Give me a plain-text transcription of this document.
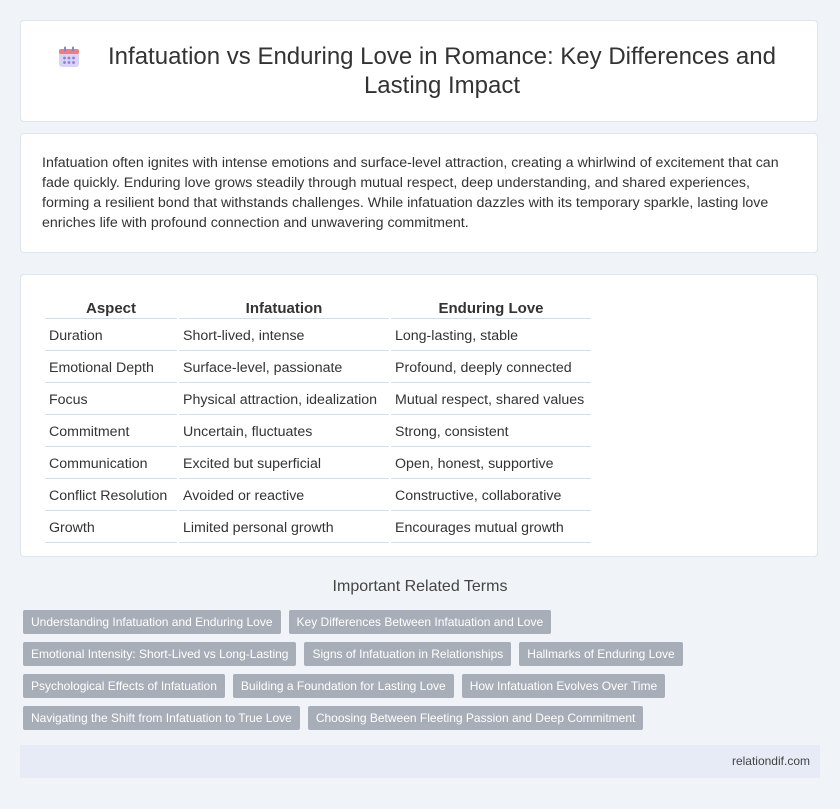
Infatuation vs Enduring Love in Romance: Key Differences and Lasting Impact

Infatuation often ignites with intense emotions and surface-level attraction, creating a whirlwind of excitement that can fade quickly. Enduring love grows steadily through mutual respect, deep understanding, and shared experiences, forming a resilient bond that withstands challenges. While infatuation dazzles with its temporary sparkle, lasting love enriches life with profound connection and unwavering commitment.

Aspect	Infatuation	Enduring Love
Duration	Short-lived, intense	Long-lasting, stable
Emotional Depth	Surface-level, passionate	Profound, deeply connected
Focus	Physical attraction, idealization	Mutual respect, shared values
Commitment	Uncertain, fluctuates	Strong, consistent
Communication	Excited but superficial	Open, honest, supportive
Conflict Resolution	Avoided or reactive	Constructive, collaborative
Growth	Limited personal growth	Encourages mutual growth
Important Related Terms
Understanding Infatuation and Enduring Love	Key Differences Between Infatuation and Love
Emotional Intensity: Short-Lived vs Long-Lasting	Signs of Infatuation in Relationships	Hallmarks of Enduring Love
Psychological Effects of Infatuation	Building a Foundation for Lasting Love	How Infatuation Evolves Over Time
Navigating the Shift from Infatuation to True Love	Choosing Between Fleeting Passion and Deep Commitment
relationdif.com
